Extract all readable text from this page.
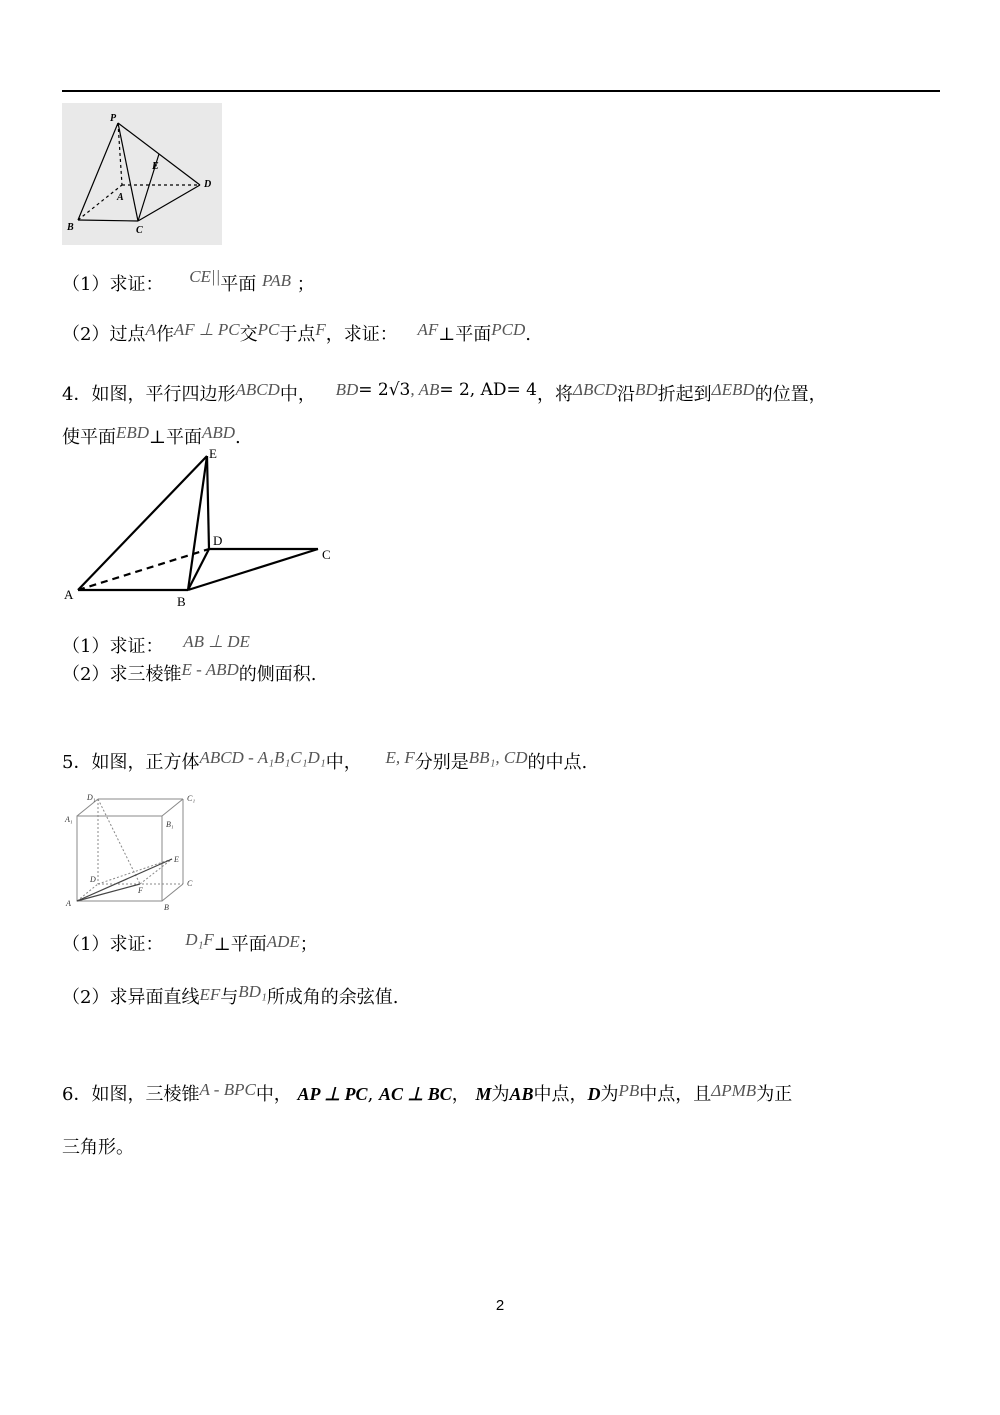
P
E
D
A
B	C
（1）求证： CE||平面 PAB ；
（2）过点A作AF ⊥ PC交PC于点F，求证： AF⊥平面PCD.
4．如图，平行四边形ABCD中， BD= 2√3, AB= 2, AD= 4，将ΔBCD沿BD折起到ΔEBD的位置，
使平面EBD⊥平面ABD.
E
D
C
A	B
（1）求证： AB ⊥ DE
（2）求三棱锥E - ABD的侧面积.
5．如图，正方体ABCD - A₁B₁C₁D₁中， E, F分别是BB₁, CD的中点.
D₁	C₁
A₁
B₁
E
D
F
C
A	B
（1）求证： D₁F⊥平面ADE；
（2）求异面直线EF与BD₁所成角的余弦值.
6．如图，三棱锥A - BPC中， AP ⊥ PC, AC ⊥ BC， M为AB中点，D为PB中点，且ΔPMB为正
三角形。
2
